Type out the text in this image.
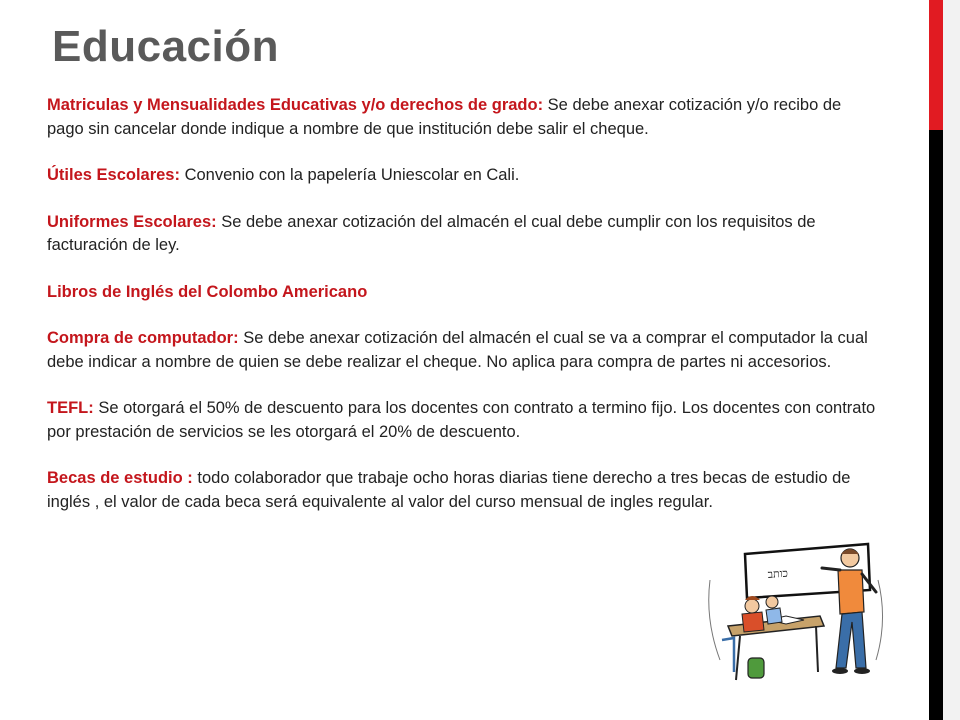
Educación

Matriculas y Mensualidades Educativas y/o derechos de grado: Se debe anexar cotización y/o recibo de pago sin cancelar donde indique a nombre de que institución debe salir el cheque.

Útiles Escolares: Convenio con la papelería Uniescolar en Cali.

Uniformes Escolares: Se debe anexar cotización del almacén el cual debe cumplir con los requisitos de facturación de ley.

Libros de Inglés del Colombo Americano

Compra de computador: Se debe anexar cotización del almacén el cual se va a comprar el computador la cual debe indicar a nombre de quien se debe realizar el cheque. No aplica para compra de partes ni accesorios.

TEFL: Se otorgará el 50% de descuento para los docentes con contrato a termino fijo. Los docentes con contrato por prestación de servicios se les otorgará el 20% de descuento.

Becas de estudio : todo colaborador que trabaje ocho horas diarias tiene derecho a tres becas de estudio de inglés , el valor de cada beca será equivalente al valor del curso mensual de ingles regular.

כותב
